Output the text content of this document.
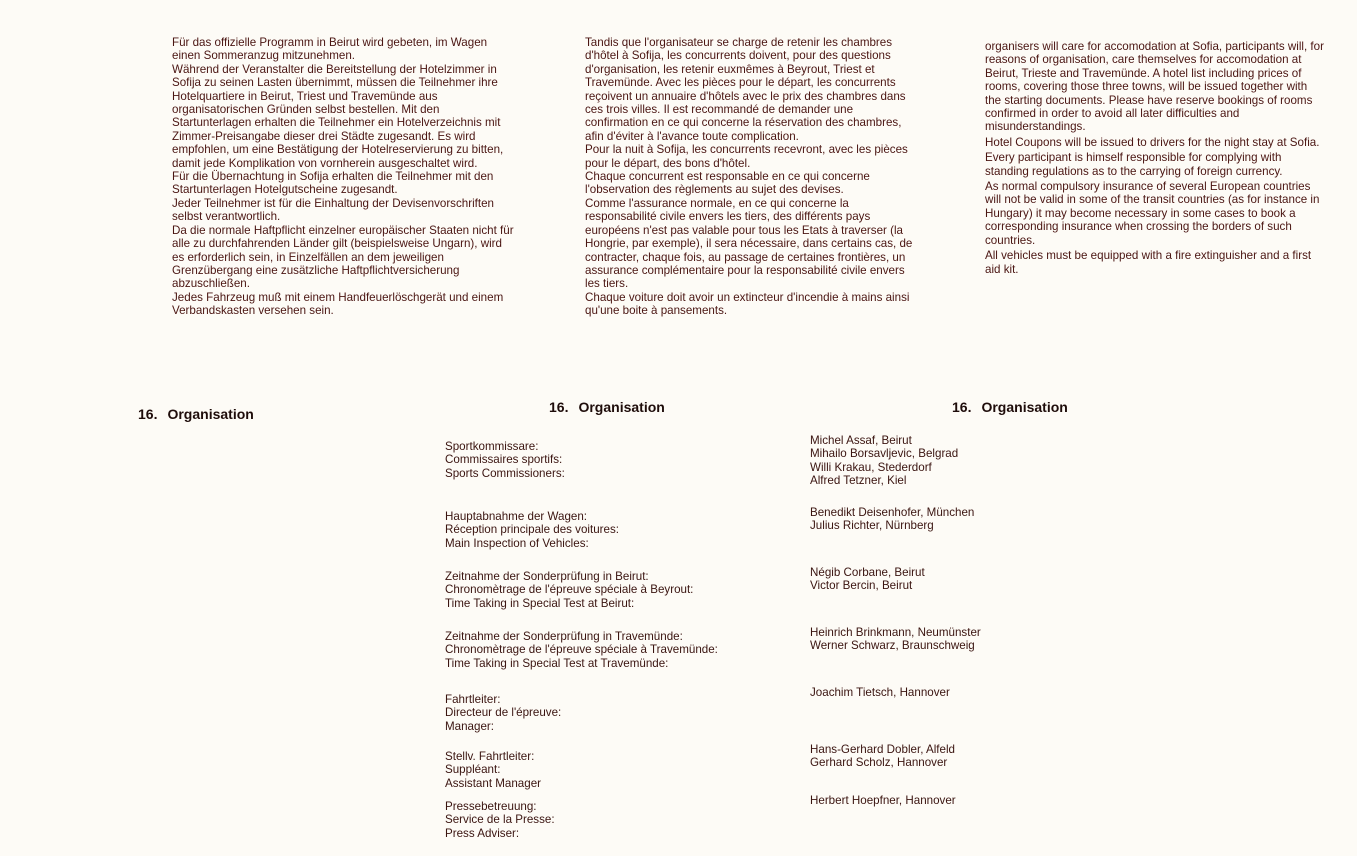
Für das offizielle Programm in Beirut wird gebeten, im Wagen einen Sommeranzug mitzunehmen.

Während der Veranstalter die Bereitstellung der Hotelzimmer in Sofija zu seinen Lasten übernimmt, müssen die Teilnehmer ihre Hotelquartiere in Beirut, Triest und Travemünde aus organisatorischen Gründen selbst bestellen. Mit den Startunterlagen erhalten die Teilnehmer ein Hotelverzeichnis mit Zimmer-Preisangabe dieser drei Städte zugesandt. Es wird empfohlen, um eine Bestätigung der Hotelreservierung zu bitten, damit jede Komplikation von vornherein ausgeschaltet wird.

Für die Übernachtung in Sofija erhalten die Teilnehmer mit den Startunterlagen Hotelgutscheine zugesandt.

Jeder Teilnehmer ist für die Einhaltung der Devisenvorschriften selbst verantwortlich.

Da die normale Haftpflicht einzelner europäischer Staaten nicht für alle zu durchfahrenden Länder gilt (beispielsweise Ungarn), wird es erforderlich sein, in Einzelfällen an dem jeweiligen Grenzübergang eine zusätzliche Haftpflichtversicherung abzuschließen.

Jedes Fahrzeug muß mit einem Handfeuerlöschgerät und einem Verbandskasten versehen sein.

Tandis que l'organisateur se charge de retenir les chambres d'hôtel à Sofija, les concurrents doivent, pour des questions d'organisation, les retenir euxmêmes à Beyrout, Triest et Travemünde. Avec les pièces pour le départ, les concurrents reçoivent un annuaire d'hôtels avec le prix des chambres dans ces trois villes. Il est recommandé de demander une confirmation en ce qui concerne la réservation des chambres, afin d'éviter à l'avance toute complication.

Pour la nuit à Sofija, les concurrents recevront, avec les pièces pour le départ, des bons d'hôtel.

Chaque concurrent est responsable en ce qui concerne l'observation des règlements au sujet des devises.

Comme l'assurance normale, en ce qui concerne la responsabilité civile envers les tiers, des différents pays européens n'est pas valable pour tous les Etats à traverser (la Hongrie, par exemple), il sera nécessaire, dans certains cas, de contracter, chaque fois, au passage de certaines frontières, un assurance complémentaire pour la responsabilité civile envers les tiers.

Chaque voiture doit avoir un extincteur d'incendie à mains ainsi qu'une boite à pansements.

organisers will care for accomodation at Sofia, participants will, for reasons of organisation, care themselves for accomodation at Beirut, Trieste and Travemünde. A hotel list including prices of rooms, covering those three towns, will be issued together with the starting documents. Please have reserve bookings of rooms confirmed in order to avoid all later difficulties and misunderstandings.

Hotel Coupons will be issued to drivers for the night stay at Sofia.

Every participant is himself responsible for complying with standing regulations as to the carrying of foreign currency.

As normal compulsory insurance of several European countries will not be valid in some of the transit countries (as for instance in Hungary) it may become necessary in some cases to book a corresponding insurance when crossing the borders of such countries.

All vehicles must be equipped with a fire extinguisher and a first aid kit.

16. Organisation	16. Organisation	16. Organisation
Sportkommissare:
Commissaires sportifs:
Sports Commissioners:
Hauptabnahme der Wagen:
Réception principale des voitures:
Main Inspection of Vehicles:
Zeitnahme der Sonderprüfung in Beirut:
Chronomètrage de l'épreuve spéciale à Beyrout:
Time Taking in Special Test at Beirut:
Zeitnahme der Sonderprüfung in Travemünde:
Chronomètrage de l'épreuve spéciale à Travemünde:
Time Taking in Special Test at Travemünde:
Fahrtleiter:
Directeur de l'épreuve:
Manager:
Stellv. Fahrtleiter:
Suppléant:
Assistant Manager
Pressebetreuung:
Service de la Presse:
Press Adviser:
Michel Assaf, Beirut
Mihailo Borsavljevic, Belgrad
Willi Krakau, Stederdorf
Alfred Tetzner, Kiel
Benedikt Deisenhofer, München
Julius Richter, Nürnberg
Négib Corbane, Beirut
Victor Bercin, Beirut
Heinrich Brinkmann, Neumünster
Werner Schwarz, Braunschweig
Joachim Tietsch, Hannover
Hans-Gerhard Dobler, Alfeld
Gerhard Scholz, Hannover
Herbert Hoepfner, Hannover
